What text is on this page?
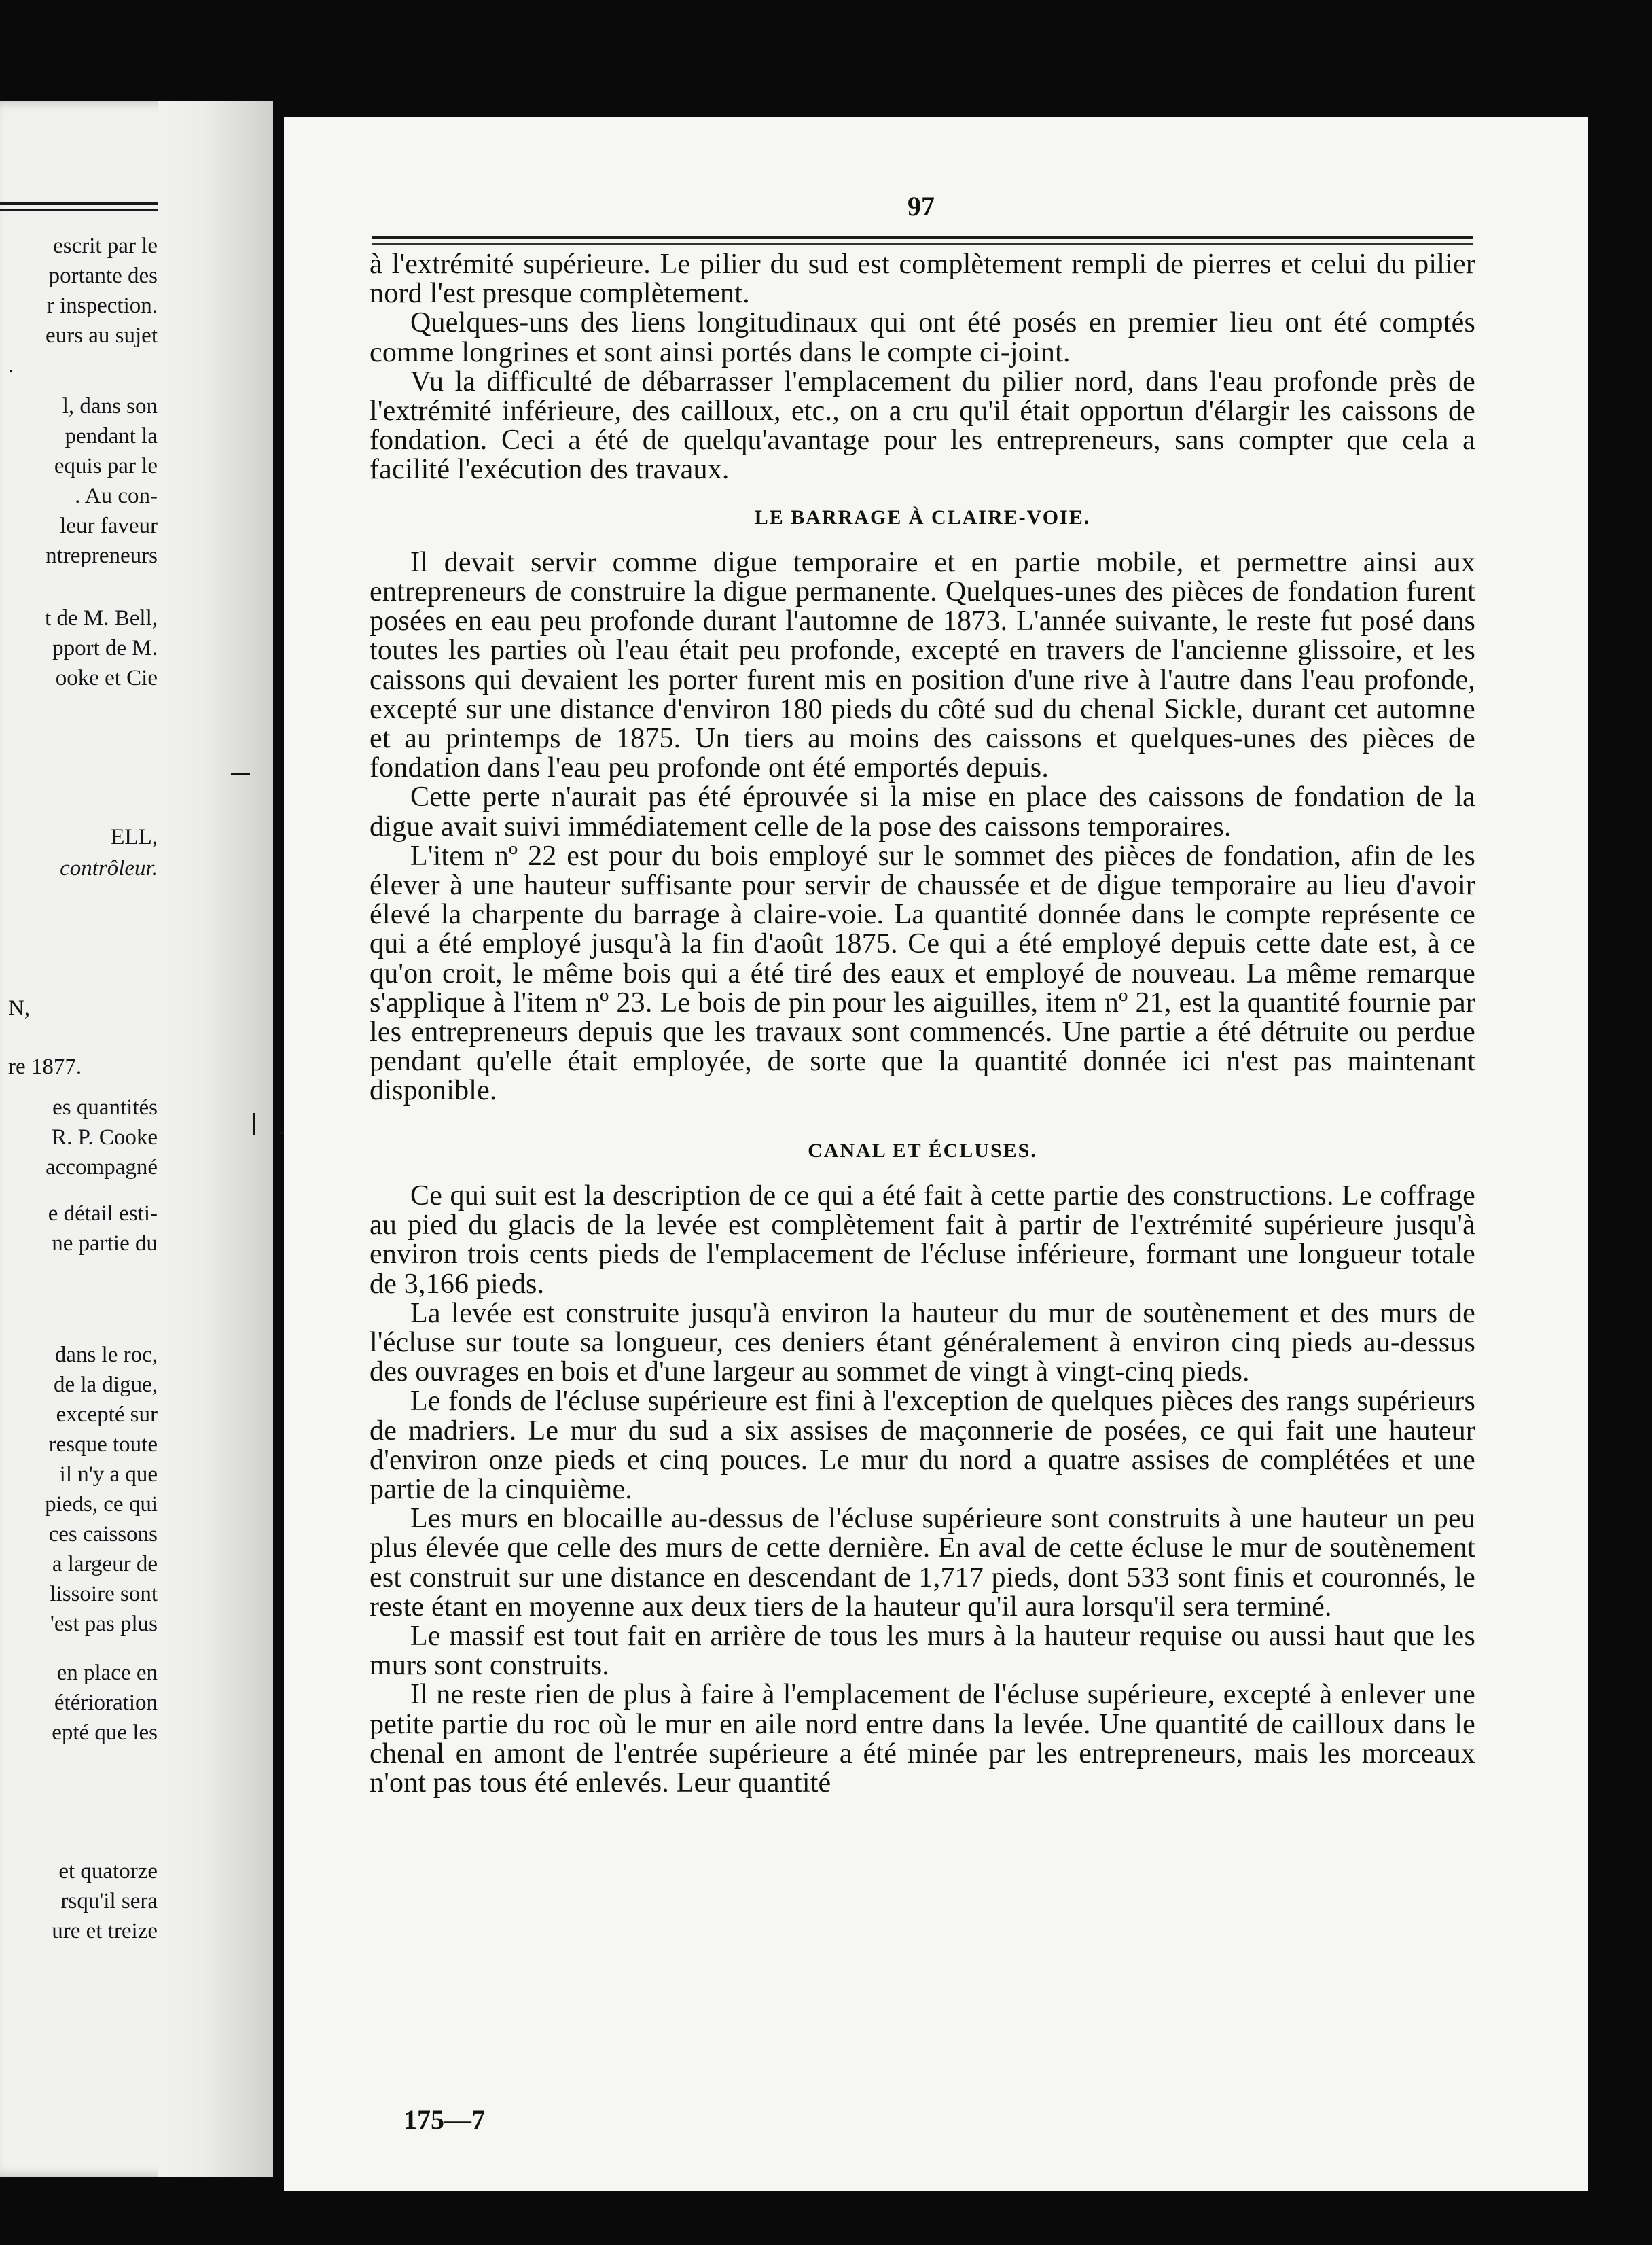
escrit par le
portante des
r inspection.
eurs au sujet
.
l, dans son
pendant la
equis par le
. Au con-
leur faveur
ntrepreneurs
t de M. Bell,
pport de M.
ooke et Cie
ELL,
contrôleur.
N,
re 1877.
es quantités
R. P. Cooke
accompagné
e détail esti-
ne partie du
dans le roc,
de la digue,
excepté sur
resque toute
il n'y a que
pieds, ce qui
ces caissons
a largeur de
lissoire sont
'est pas plus
en place en
étérioration
epté que les
et quatorze
rsqu'il sera
ure et treize
97

à l'extrémité supérieure. Le pilier du sud est complètement rempli de pierres et celui du pilier nord l'est presque complètement.

Quelques-uns des liens longitudinaux qui ont été posés en premier lieu ont été comptés comme longrines et sont ainsi portés dans le compte ci-joint.

Vu la difficulté de débarrasser l'emplacement du pilier nord, dans l'eau profonde près de l'extrémité inférieure, des cailloux, etc., on a cru qu'il était opportun d'élargir les caissons de fondation. Ceci a été de quelqu'avantage pour les entrepreneurs, sans compter que cela a facilité l'exécution des travaux.

LE BARRAGE À CLAIRE-VOIE.

Il devait servir comme digue temporaire et en partie mobile, et permettre ainsi aux entrepreneurs de construire la digue permanente. Quelques-unes des pièces de fondation furent posées en eau peu profonde durant l'automne de 1873. L'année suivante, le reste fut posé dans toutes les parties où l'eau était peu profonde, excepté en travers de l'ancienne glissoire, et les caissons qui devaient les porter furent mis en position d'une rive à l'autre dans l'eau profonde, excepté sur une distance d'environ 180 pieds du côté sud du chenal Sickle, durant cet automne et au printemps de 1875. Un tiers au moins des caissons et quelques-unes des pièces de fondation dans l'eau peu profonde ont été emportés depuis.

Cette perte n'aurait pas été éprouvée si la mise en place des caissons de fondation de la digue avait suivi immédiatement celle de la pose des caissons temporaires.

L'item nº 22 est pour du bois employé sur le sommet des pièces de fondation, afin de les élever à une hauteur suffisante pour servir de chaussée et de digue temporaire au lieu d'avoir élevé la charpente du barrage à claire-voie. La quantité donnée dans le compte représente ce qui a été employé jusqu'à la fin d'août 1875. Ce qui a été employé depuis cette date est, à ce qu'on croit, le même bois qui a été tiré des eaux et employé de nouveau. La même remarque s'applique à l'item nº 23. Le bois de pin pour les aiguilles, item nº 21, est la quantité fournie par les entrepreneurs depuis que les travaux sont commencés. Une partie a été détruite ou perdue pendant qu'elle était employée, de sorte que la quantité donnée ici n'est pas maintenant disponible.

CANAL ET ÉCLUSES.

Ce qui suit est la description de ce qui a été fait à cette partie des constructions. Le coffrage au pied du glacis de la levée est complètement fait à partir de l'extrémité supérieure jusqu'à environ trois cents pieds de l'emplacement de l'écluse inférieure, formant une longueur totale de 3,166 pieds.

La levée est construite jusqu'à environ la hauteur du mur de soutènement et des murs de l'écluse sur toute sa longueur, ces deniers étant généralement à environ cinq pieds au-dessus des ouvrages en bois et d'une largeur au sommet de vingt à vingt-cinq pieds.

Le fonds de l'écluse supérieure est fini à l'exception de quelques pièces des rangs supérieurs de madriers. Le mur du sud a six assises de maçonnerie de posées, ce qui fait une hauteur d'environ onze pieds et cinq pouces. Le mur du nord a quatre assises de complétées et une partie de la cinquième.

Les murs en blocaille au-dessus de l'écluse supérieure sont construits à une hauteur un peu plus élevée que celle des murs de cette dernière. En aval de cette écluse le mur de soutènement est construit sur une distance en descendant de 1,717 pieds, dont 533 sont finis et couronnés, le reste étant en moyenne aux deux tiers de la hauteur qu'il aura lorsqu'il sera terminé.

Le massif est tout fait en arrière de tous les murs à la hauteur requise ou aussi haut que les murs sont construits.

Il ne reste rien de plus à faire à l'emplacement de l'écluse supérieure, excepté à enlever une petite partie du roc où le mur en aile nord entre dans la levée. Une quantité de cailloux dans le chenal en amont de l'entrée supérieure a été minée par les entrepreneurs, mais les morceaux n'ont pas tous été enlevés. Leur quantité

175—7
